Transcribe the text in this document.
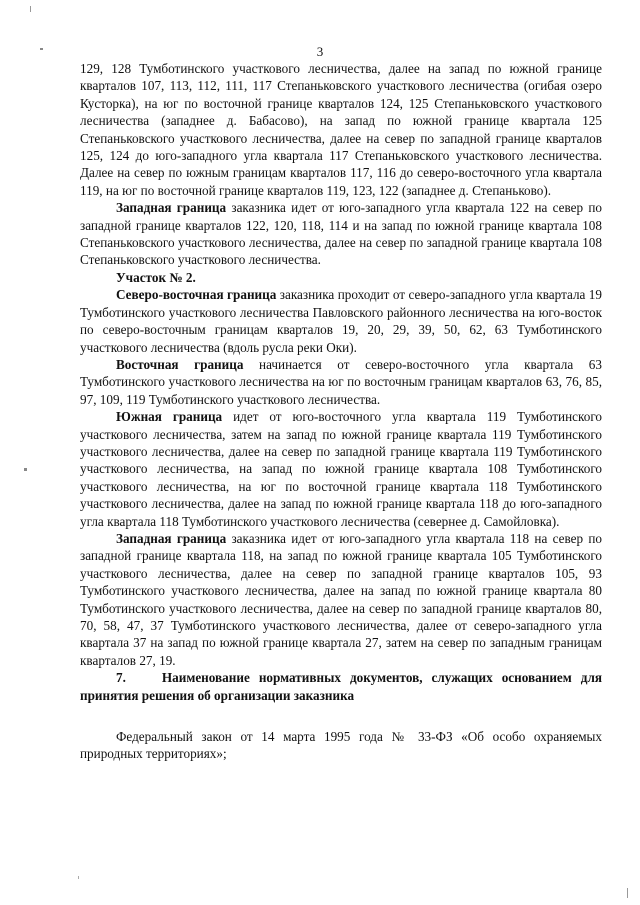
3

129, 128 Тумботинского участкового лесничества, далее на запад по южной границе кварталов 107, 113, 112, 111, 117 Степаньковского участкового лесничества (огибая озеро Кусторка), на юг по восточной границе кварталов 124, 125 Степаньковского участкового лесничества (западнее д. Бабасово), на запад по южной границе квартала 125 Степаньковского участкового лесничества, далее на север по западной границе кварталов 125, 124 до юго-западного угла квартала 117 Степаньковского участкового лесничества. Далее на север по южным границам кварталов 117, 116 до северо-восточного угла квартала 119, на юг по восточной границе кварталов 119, 123, 122 (западнее д. Степаньково).

Западная граница заказника идет от юго-западного угла квартала 122 на север по западной границе кварталов 122, 120, 118, 114 и на запад по южной границе квартала 108 Степаньковского участкового лесничества, далее на север по западной границе квартала 108 Степаньковского участкового лесничества.

Участок № 2.

Северо-восточная граница заказника проходит от северо-западного угла квартала 19 Тумботинского участкового лесничества Павловского районного лесничества на юго-восток по северо-восточным границам кварталов 19, 20, 29, 39, 50, 62, 63 Тумботинского участкового лесничества (вдоль русла реки Оки).

Восточная граница начинается от северо-восточного угла квартала 63 Тумботинского участкового лесничества на юг по восточным границам кварталов 63, 76, 85, 97, 109, 119 Тумботинского участкового лесничества.

Южная граница идет от юго-восточного угла квартала 119 Тумботинского участкового лесничества, затем на запад по южной границе квартала 119 Тумботинского участкового лесничества, далее на север по западной границе квартала 119 Тумботинского участкового лесничества, на запад по южной границе квартала 108 Тумботинского участкового лесничества, на юг по восточной границе квартала 118 Тумботинского участкового лесничества, далее на запад по южной границе квартала 118 до юго-западного угла квартала 118 Тумботинского участкового лесничества (севернее д. Самойловка).

Западная граница заказника идет от юго-западного угла квартала 118 на север по западной границе квартала 118, на запад по южной границе квартала 105 Тумботинского участкового лесничества, далее на север по западной границе кварталов 105, 93 Тумботинского участкового лесничества, далее на запад по южной границе квартала 80 Тумботинского участкового лесничества, далее на север по западной границе кварталов 80, 70, 58, 47, 37 Тумботинского участкового лесничества, далее от северо-западного угла квартала 37 на запад по южной границе квартала 27, затем на север по западным границам кварталов 27, 19.

7.	Наименование нормативных документов, служащих основанием для принятия решения об организации заказника

Федеральный закон от 14 марта 1995 года № 33-ФЗ «Об особо охраняемых природных территориях»;
